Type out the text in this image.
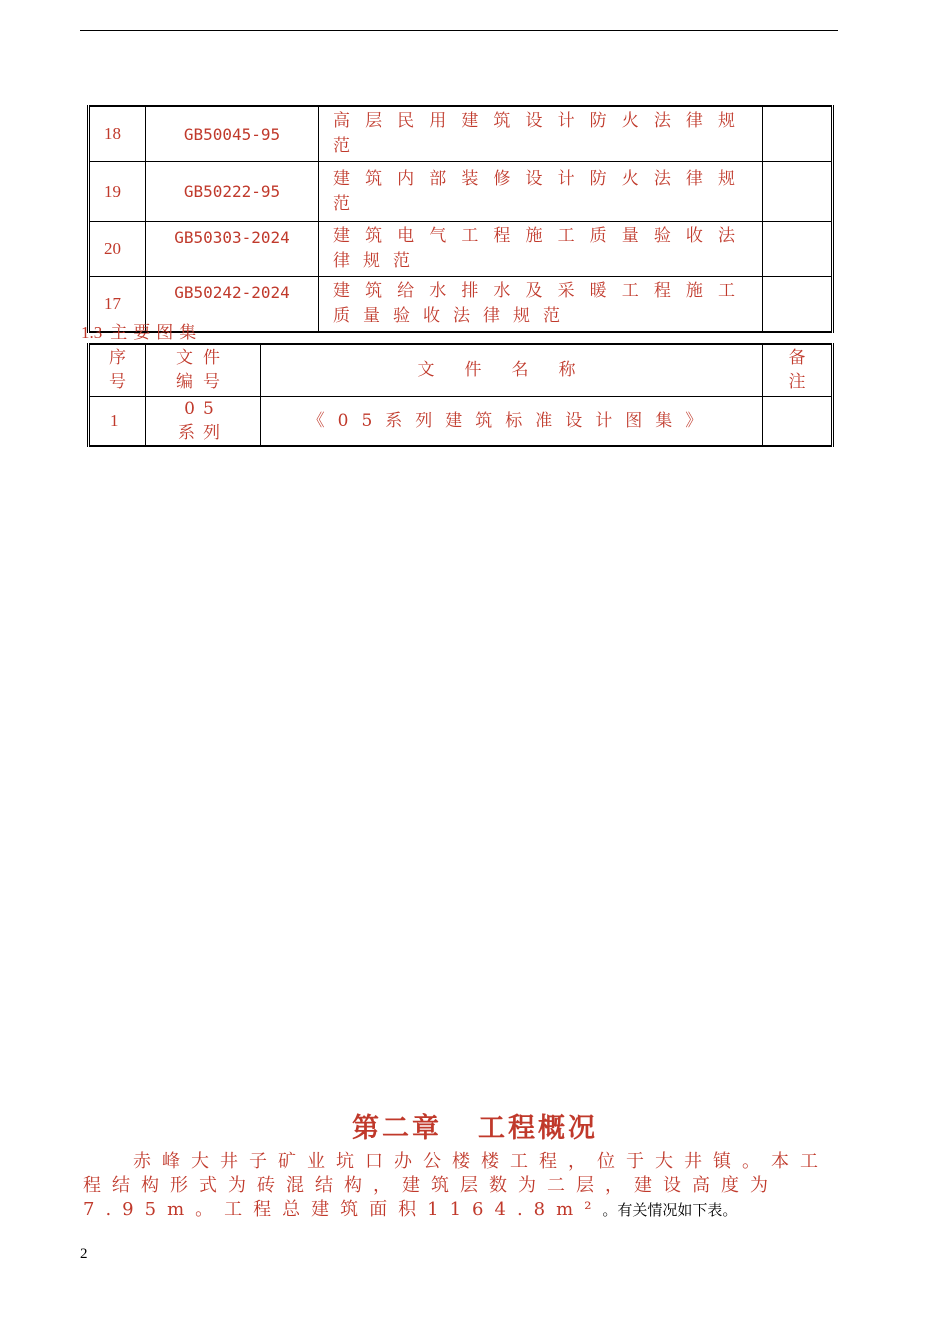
18	GB50045-95	高层民用建筑设计防火法律规范	
19	GB50222-95	建筑内部装修设计防火法律规范	
20	GB50303-2024	建筑电气工程施工质量验收法律规范	
17	GB50242-2024	建筑给水排水及采暖工程施工质量验收法律规范	
1.3 主要图集
序号	文件编号	文件名称	备注

1	05 系列	《05系列建筑标准设计图集》	
第二章 工程概况
赤峰大井子矿业坑口办公楼楼工程，位于大井镇。本工程结构形式为砖混结构，建筑层数为二层，建设高度为7.95m。工程总建筑面积1164.8m²。有关情况如下表。
2
